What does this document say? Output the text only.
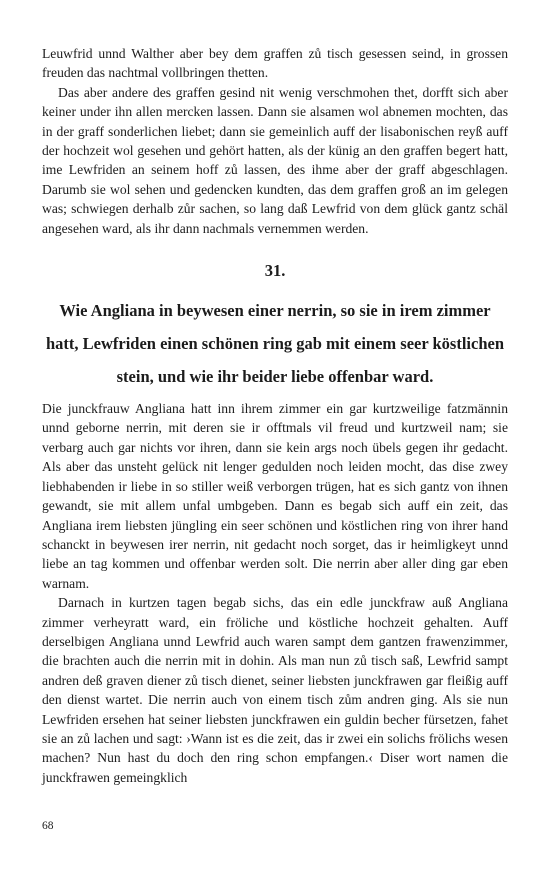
Leuwfrid unnd Walther aber bey dem graffen zů tisch gesessen seind, in grossen freuden das nachtmal vollbringen thetten.

Das aber andere des graffen gesind nit wenig verschmohen thet, dorfft sich aber keiner under ihn allen mercken lassen. Dann sie alsamen wol abnemen mochten, das in der graff sonderlichen liebet; dann sie gemeinlich auff der lisabonischen reyß auff der hochzeit wol gesehen und gehört hatten, als der künig an den graffen begert hatt, ime Lewfriden an seinem hoff zů lassen, des ihme aber der graff abgeschlagen. Darumb sie wol sehen und gedencken kundten, das dem graffen groß an im gelegen was; schwiegen derhalb zůr sachen, so lang daß Lewfrid von dem glück gantz schäl angesehen ward, als ihr dann nachmals vernemmen werden.

31.
Wie Angliana in beywesen einer nerrin, so sie in irem zimmer hatt, Lewfriden einen schönen ring gab mit einem seer köstlichen stein, und wie ihr beider liebe offenbar ward.

Die junckfrauw Angliana hatt inn ihrem zimmer ein gar kurtzweilige fatzmännin unnd geborne nerrin, mit deren sie ir offtmals vil freud und kurtzweil nam; sie verbarg auch gar nichts vor ihren, dann sie kein args noch übels gegen ihr gedacht. Als aber das unsteht gelück nit lenger gedulden noch leiden mocht, das dise zwey liebhabenden ir liebe in so stiller weiß verborgen trügen, hat es sich gantz von ihnen gewandt, sie mit allem unfal umbgeben. Dann es begab sich auff ein zeit, das Angliana irem liebsten jüngling ein seer schönen und köstlichen ring von ihrer hand schanckt in beywesen irer nerrin, nit gedacht noch sorget, das ir heimligkeyt unnd liebe an tag kommen und offenbar werden solt. Die nerrin aber aller ding gar eben warnam.

Darnach in kurtzen tagen begab sichs, das ein edle junckfraw auß Angliana zimmer verheyratt ward, ein fröliche und köstliche hochzeit gehalten. Auff derselbigen Angliana unnd Lewfrid auch waren sampt dem gantzen frawenzimmer, die brachten auch die nerrin mit in dohin. Als man nun zů tisch saß, Lewfrid sampt andren deß graven diener zů tisch dienet, seiner liebsten junckfrawen gar fleißig auff den dienst wartet. Die nerrin auch von einem tisch zům andren ging. Als sie nun Lewfriden ersehen hat seiner liebsten junckfrawen ein guldin becher fürsetzen, fahet sie an zů lachen und sagt: ›Wann ist es die zeit, das ir zwei ein solichs frölichs wesen machen? Nun hast du doch den ring schon empfangen.‹ Diser wort namen die junckfrawen gemeingklich

68
